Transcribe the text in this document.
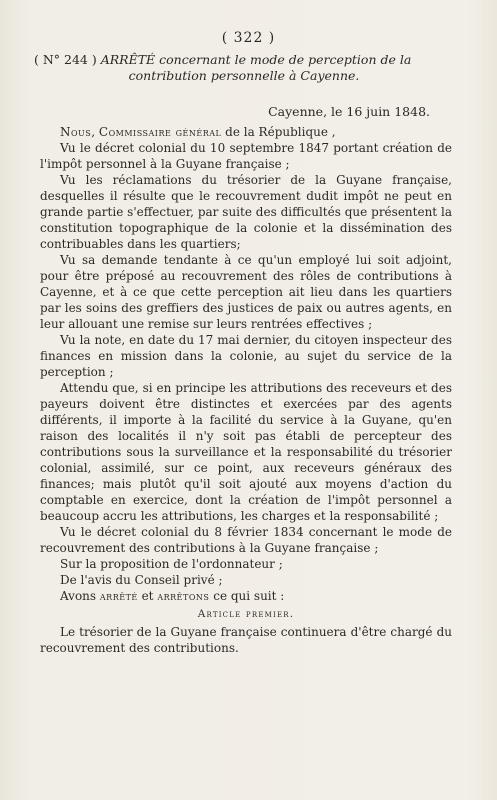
( 322 )
( N° 244 ) ARRÊTÉ concernant le mode de perception de la
contribution personnelle à Cayenne.
Cayenne, le 16 juin 1848.

Nous, Commissaire général de la République ,

Vu le décret colonial du 10 septembre 1847 portant création de l'impôt personnel à la Guyane française ;

Vu les réclamations du trésorier de la Guyane française, desquelles il résulte que le recouvrement dudit impôt ne peut en grande partie s'effectuer, par suite des difficultés que présentent la constitution topographique de la colonie et la dissémination des contribuables dans les quartiers;

Vu sa demande tendante à ce qu'un employé lui soit adjoint, pour être préposé au recouvrement des rôles de contributions à Cayenne, et à ce que cette perception ait lieu dans les quartiers par les soins des greffiers des justices de paix ou autres agents, en leur allouant une remise sur leurs rentrées effectives ;

Vu la note, en date du 17 mai dernier, du citoyen inspecteur des finances en mission dans la colonie, au sujet du service de la perception ;

Attendu que, si en principe les attributions des receveurs et des payeurs doivent être distinctes et exercées par des agents différents, il importe à la facilité du service à la Guyane, qu'en raison des localités il n'y soit pas établi de percepteur des contributions sous la surveillance et la responsabilité du trésorier colonial, assimilé, sur ce point, aux receveurs généraux des finances; mais plutôt qu'il soit ajouté aux moyens d'action du comptable en exercice, dont la création de l'impôt personnel a beaucoup accru les attributions, les charges et la responsabilité ;

Vu le décret colonial du 8 février 1834 concernant le mode de recouvrement des contributions à la Guyane française ;

Sur la proposition de l'ordonnateur ;

De l'avis du Conseil privé ;

Avons arrêté et arrêtons ce qui suit :

Article premier.

Le trésorier de la Guyane française continuera d'être chargé du recouvrement des contributions.
